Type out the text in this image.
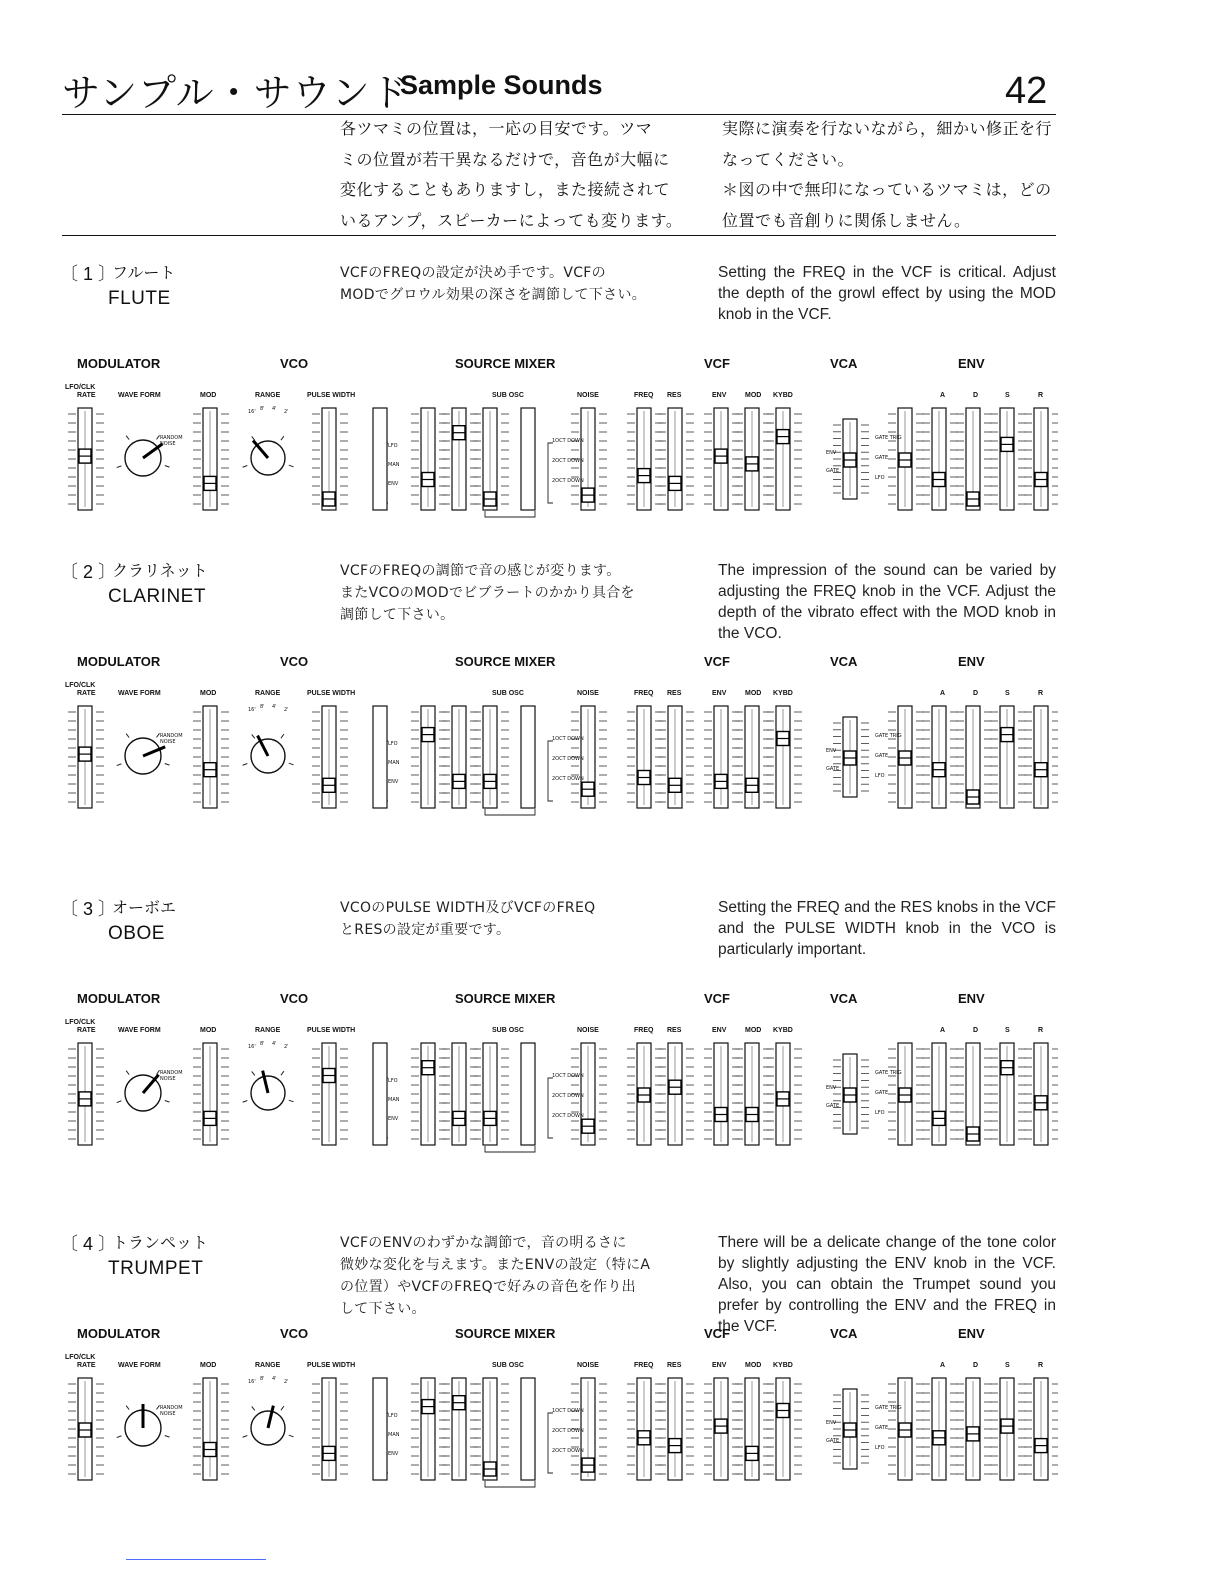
サンプル・サウンド
Sample Sounds	42
各ツマミの位置は，一応の目安です。ツマ
ミの位置が若干異なるだけで，音色が大幅に
変化することもありますし，また接続されて
いるアンプ，スピーカーによっても変ります。
実際に演奏を行ないながら，細かい修正を行
なってください。
＊図の中で無印になっているツマミは，どの
位置でも音創りに関係しません。
〔 1 〕
フルート
FLUTE
VCFのFREQの設定が決め手です。VCFの
MODでグロウル効果の深さを調節して下さい。
Setting the FREQ in the VCF is critical. Adjust the depth of the growl effect by using the MOD knob in the VCF.
MODULATOR	VCO	SOURCE MIXER	VCF	VCA	ENV
LFO/CLK
RATE	WAVE FORM	MOD	RANGE	PULSE WIDTH	SUB OSC	NOISE	FREQ RES	ENV	MOD KYBD	A	D	S	R
RANDOM
NOISE	LFO
MAN
ENV
1OCT DOWN
2OCT DOWN
2OCT DOWN
ENV
GATE
GATE TRIG
GATE
LFO
16' 8' 4' 2'
〔 2 〕
クラリネット
CLARINET
VCFのFREQの調節で音の感じが変ります。
またVCOのMODでビブラートのかかり具合を
調節して下さい。
The impression of the sound can be varied by adjusting the FREQ knob in the VCF. Adjust the depth of the vibrato effect with the MOD knob in the VCO.
MODULATOR	VCO	SOURCE MIXER	VCF	VCA	ENV
LFO/CLK
RATE	WAVE FORM	MOD	RANGE	PULSE WIDTH	SUB OSC	NOISE	FREQ RES	ENV	MOD KYBD	A	D	S	R
RANDOM
NOISE	LFO
MAN
ENV
1OCT DOWN
2OCT DOWN
2OCT DOWN
ENV
GATE
GATE TRIG
GATE
LFO
16' 8' 4' 2'
〔 3 〕
オーボエ
OBOE
VCOのPULSE WIDTH及びVCFのFREQ
とRESの設定が重要です。
Setting the FREQ and the RES knobs in the VCF and the PULSE WIDTH knob in the VCO is particularly important.
MODULATOR	VCO	SOURCE MIXER	VCF	VCA	ENV
LFO/CLK
RATE	WAVE FORM	MOD	RANGE	PULSE WIDTH	SUB OSC	NOISE	FREQ RES	ENV	MOD KYBD	A	D	S	R
RANDOM
NOISE	LFO
MAN
ENV
1OCT DOWN
2OCT DOWN
2OCT DOWN
ENV
GATE
GATE TRIG
GATE
LFO
16' 8' 4' 2'
〔 4 〕
トランペット
TRUMPET
VCFのENVのわずかな調節で，音の明るさに
微妙な変化を与えます。またENVの設定（特にA
の位置）やVCFのFREQで好みの音色を作り出
して下さい。
There will be a delicate change of the tone color by slightly adjusting the ENV knob in the VCF. Also, you can obtain the Trumpet sound you prefer by controlling the ENV and the FREQ in the VCF.
MODULATOR	VCO	SOURCE MIXER	VCF	VCA	ENV
LFO/CLK
RATE	WAVE FORM	MOD	RANGE	PULSE WIDTH	SUB OSC	NOISE	FREQ RES	ENV	MOD KYBD	A	D	S	R
RANDOM
NOISE	LFO
MAN
ENV
1OCT DOWN
2OCT DOWN
2OCT DOWN
ENV
GATE
GATE TRIG
GATE
LFO
16' 8' 4' 2'
